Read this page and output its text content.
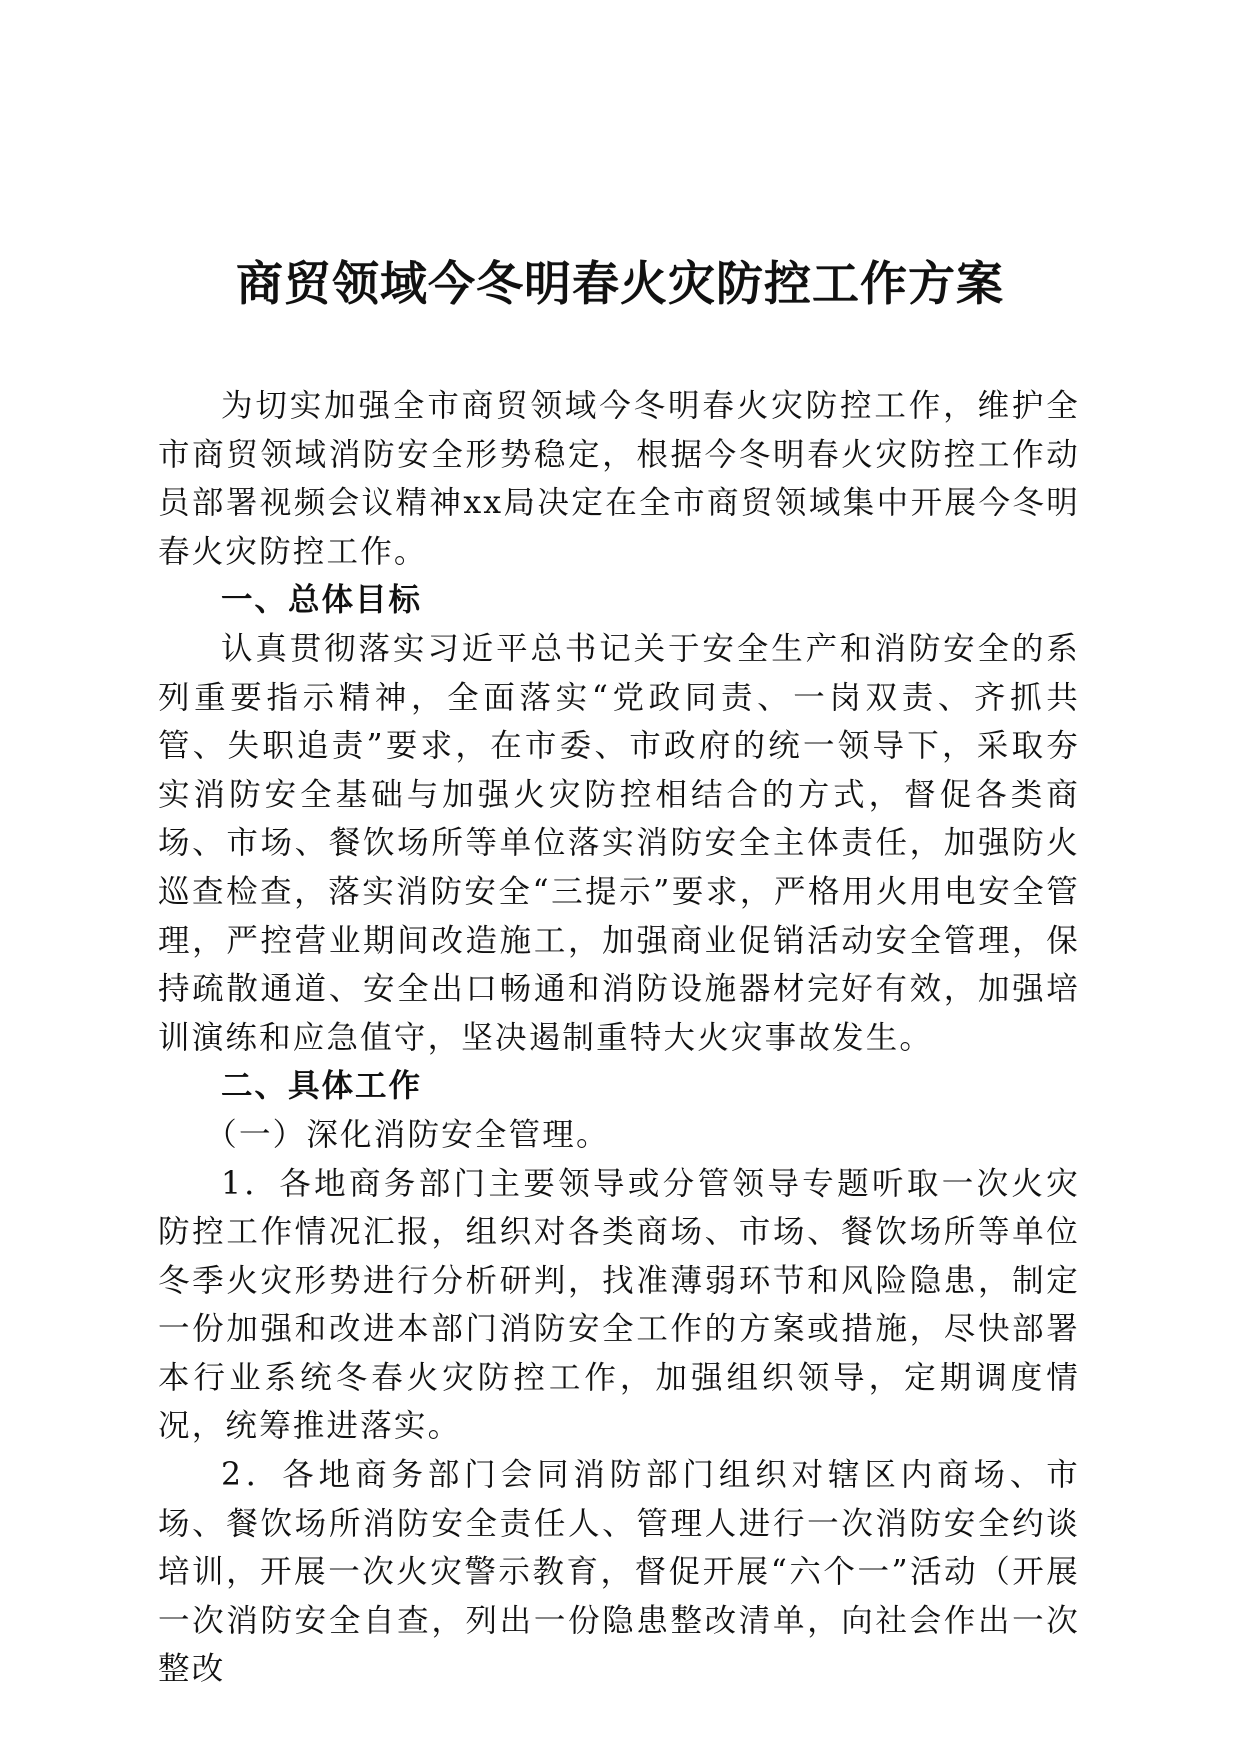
商贸领域今冬明春火灾防控工作方案

为切实加强全市商贸领域今冬明春火灾防控工作，维护全市商贸领域消防安全形势稳定，根据今冬明春火灾防控工作动员部署视频会议精神xx局决定在全市商贸领域集中开展今冬明春火灾防控工作。

一、总体目标

认真贯彻落实习近平总书记关于安全生产和消防安全的系列重要指示精神，全面落实“党政同责、一岗双责、齐抓共管、失职追责”要求，在市委、市政府的统一领导下，采取夯实消防安全基础与加强火灾防控相结合的方式，督促各类商场、市场、餐饮场所等单位落实消防安全主体责任，加强防火巡查检查，落实消防安全“三提示”要求，严格用火用电安全管理，严控营业期间改造施工，加强商业促销活动安全管理，保持疏散通道、安全出口畅通和消防设施器材完好有效，加强培训演练和应急值守，坚决遏制重特大火灾事故发生。

二、具体工作

（一）深化消防安全管理。

1．各地商务部门主要领导或分管领导专题听取一次火灾防控工作情况汇报，组织对各类商场、市场、餐饮场所等单位冬季火灾形势进行分析研判，找准薄弱环节和风险隐患，制定一份加强和改进本部门消防安全工作的方案或措施，尽快部署本行业系统冬春火灾防控工作，加强组织领导，定期调度情况，统筹推进落实。

2．各地商务部门会同消防部门组织对辖区内商场、市场、餐饮场所消防安全责任人、管理人进行一次消防安全约谈培训，开展一次火灾警示教育，督促开展“六个一”活动（开展一次消防安全自查，列出一份隐患整改清单，向社会作出一次整改
